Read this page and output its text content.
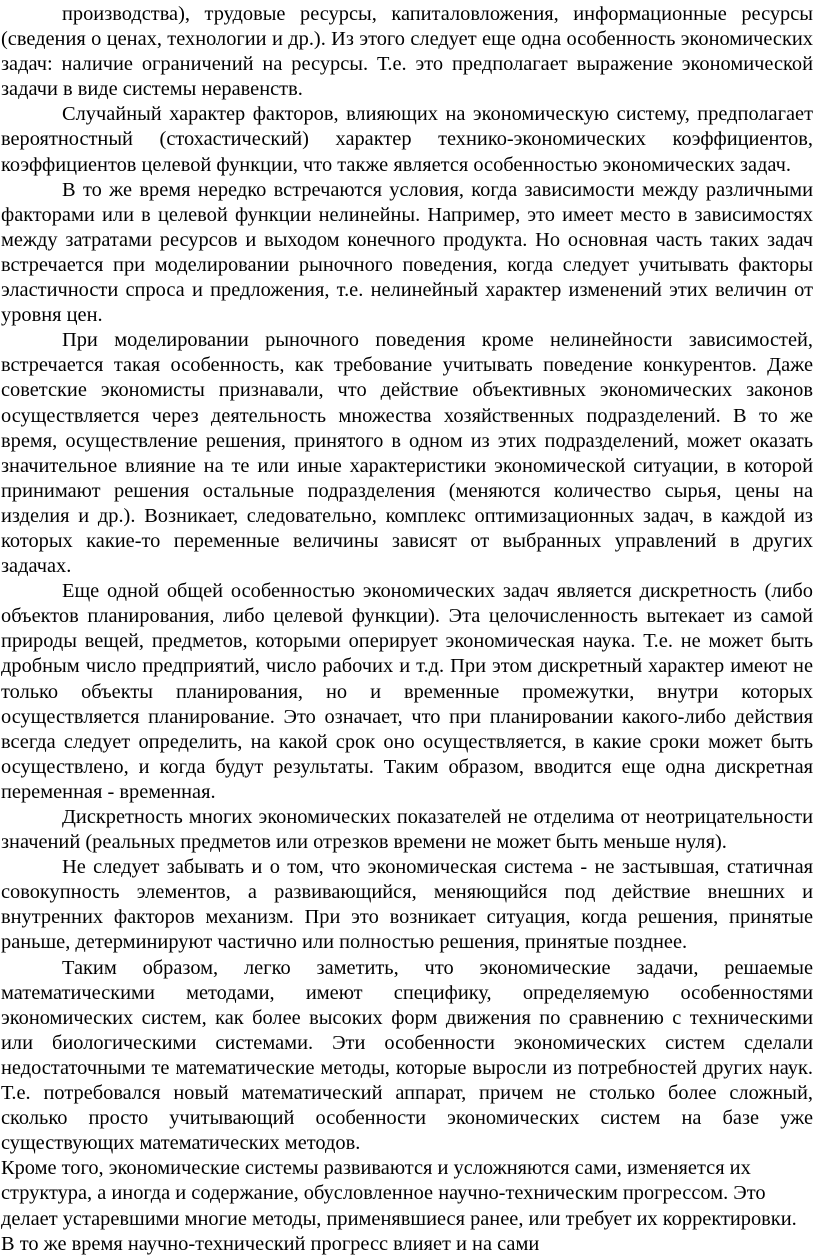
производства), трудовые ресурсы, капиталовложения, информационные ресурсы (сведения о ценах, технологии и др.). Из этого следует еще одна особенность экономических задач: наличие ограничений на ресурсы. Т.е. это предполагает выражение экономической задачи в виде системы неравенств.

Случайный характер факторов, влияющих на экономическую систему, предполагает вероятностный (стохастический) характер технико-экономических коэффициентов, коэффициентов целевой функции, что также является особенностью экономических задач.

В то же время нередко встречаются условия, когда зависимости между различными факторами или в целевой функции нелинейны. Например, это имеет место в зависимостях между затратами ресурсов и выходом конечного продукта. Но основная часть таких задач встречается при моделировании рыночного поведения, когда следует учитывать факторы эластичности спроса и предложения, т.е. нелинейный характер изменений этих величин от уровня цен.

При моделировании рыночного поведения кроме нелинейности зависимостей, встречается такая особенность, как требование учитывать поведение конкурентов. Даже советские экономисты признавали, что действие объективных экономических законов осуществляется через деятельность множества хозяйственных подразделений. В то же время, осуществление решения, принятого в одном из этих подразделений, может оказать значительное влияние на те или иные характеристики экономической ситуации, в которой принимают решения остальные подразделения (меняются количество сырья, цены на изделия и др.). Возникает, следовательно, комплекс оптимизационных задач, в каждой из которых какие-то переменные величины зависят от выбранных управлений в других задачах.

Еще одной общей особенностью экономических задач является дискретность (либо объектов планирования, либо целевой функции). Эта целочисленность вытекает из самой природы вещей, предметов, которыми оперирует экономическая наука. Т.е. не может быть дробным число предприятий, число рабочих и т.д. При этом дискретный характер имеют не только объекты планирования, но и временные промежутки, внутри которых осуществляется планирование. Это означает, что при планировании какого-либо действия всегда следует определить, на какой срок оно осуществляется, в какие сроки может быть осуществлено, и когда будут результаты. Таким образом, вводится еще одна дискретная переменная - временная.

Дискретность многих экономических показателей не отделима от неотрицательности значений (реальных предметов или отрезков времени не может быть меньше нуля).

Не следует забывать и о том, что экономическая система - не застывшая, статичная совокупность элементов, а развивающийся, меняющийся под действие внешних и внутренних факторов механизм. При это возникает ситуация, когда решения, принятые раньше, детерминируют частично или полностью решения, принятые позднее.

Таким образом, легко заметить, что экономические задачи, решаемые математическими методами, имеют специфику, определяемую особенностями экономических систем, как более высоких форм движения по сравнению с техническими или биологическими системами. Эти особенности экономических систем сделали недостаточными те математические методы, которые выросли из потребностей других наук. Т.е. потребовался новый математический аппарат, причем не столько более сложный, сколько просто учитывающий особенности экономических систем на базе уже существующих математических методов.

Кроме того, экономические системы развиваются и усложняются сами, изменяется их структура, а иногда и содержание, обусловленное научно-техническим прогрессом. Это делает устаревшими многие методы, применявшиеся ранее, или требует их корректировки. В то же время научно-технический прогресс влияет и на сами
